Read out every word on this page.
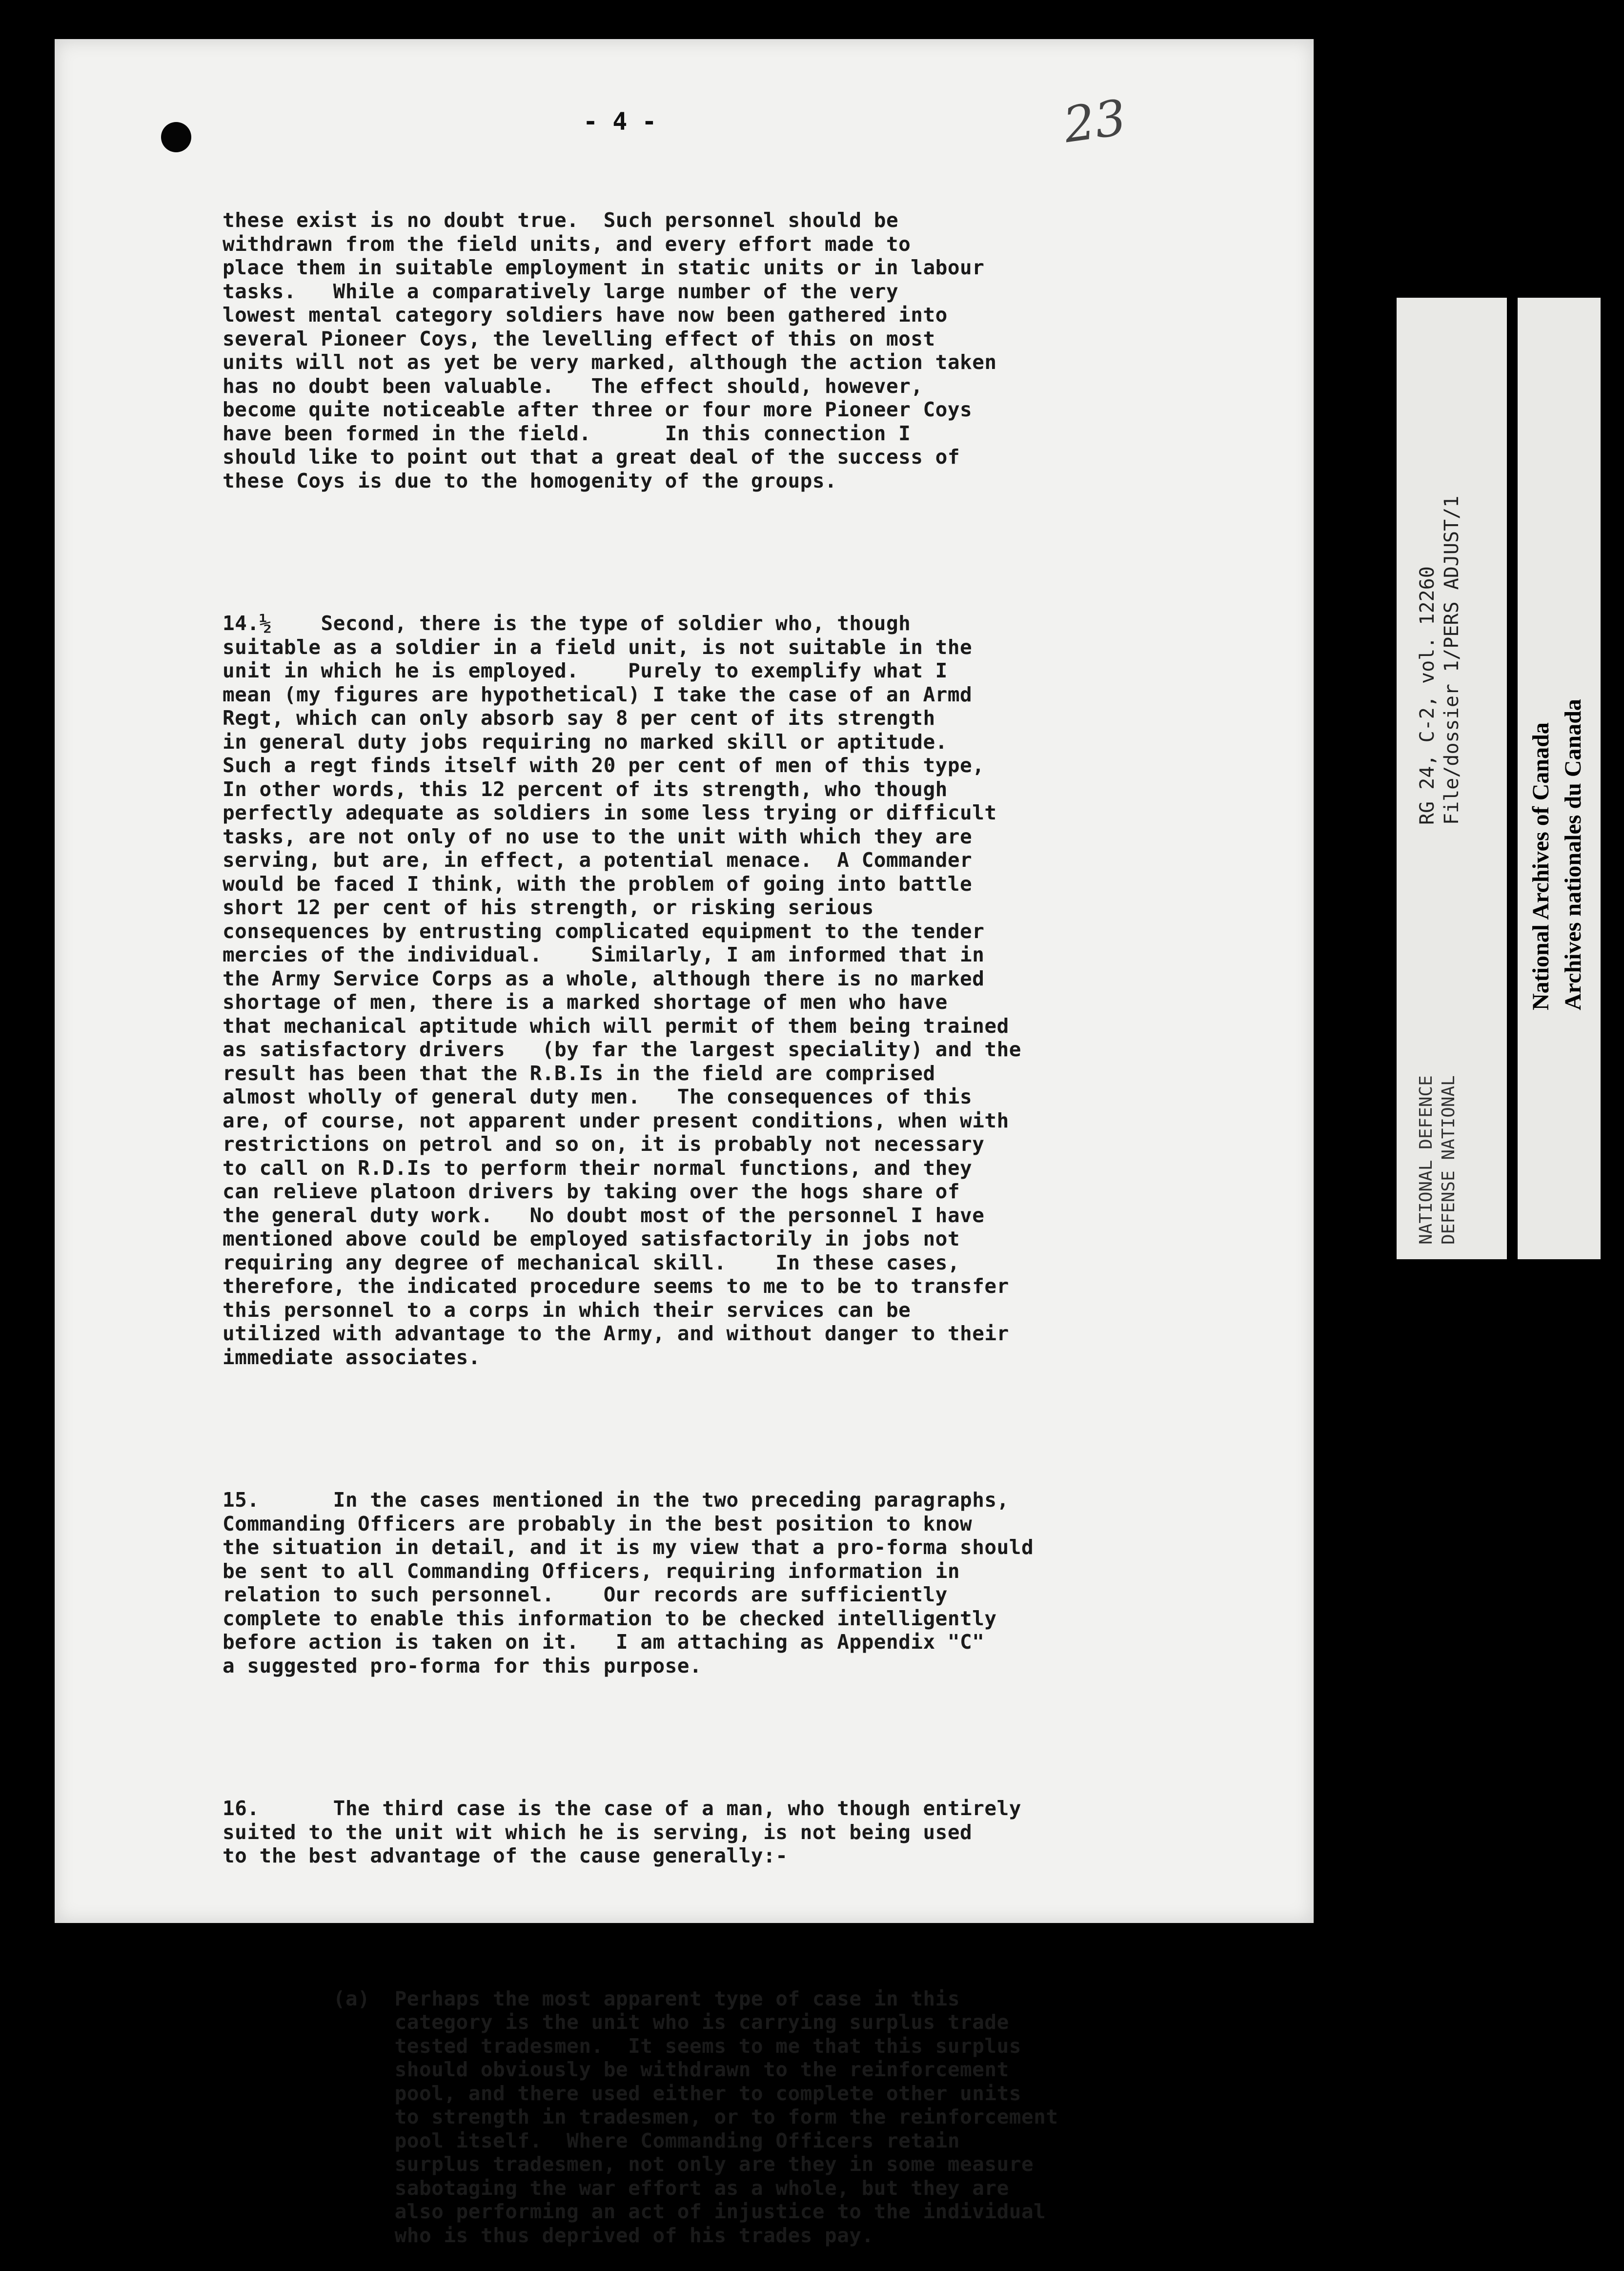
- 4 -	23

these exist is no doubt true.  Such personnel should be
withdrawn from the field units, and every effort made to
place them in suitable employment in static units or in labour
tasks.   While a comparatively large number of the very
lowest mental category soldiers have now been gathered into
several Pioneer Coys, the levelling effect of this on most
units will not as yet be very marked, although the action taken
has no doubt been valuable.   The effect should, however,
become quite noticeable after three or four more Pioneer Coys
have been formed in the field.      In this connection I
should like to point out that a great deal of the success of
these Coys is due to the homogenity of the groups.

14.½    Second, there is the type of soldier who, though
suitable as a soldier in a field unit, is not suitable in the
unit in which he is employed.    Purely to exemplify what I
mean (my figures are hypothetical) I take the case of an Armd
Regt, which can only absorb say 8 per cent of its strength
in general duty jobs requiring no marked skill or aptitude.
Such a regt finds itself with 20 per cent of men of this type,
In other words, this 12 percent of its strength, who though
perfectly adequate as soldiers in some less trying or difficult
tasks, are not only of no use to the unit with which they are
serving, but are, in effect, a potential menace.  A Commander
would be faced I think, with the problem of going into battle
short 12 per cent of his strength, or risking serious
consequences by entrusting complicated equipment to the tender
mercies of the individual.    Similarly, I am informed that in
the Army Service Corps as a whole, although there is no marked
shortage of men, there is a marked shortage of men who have
that mechanical aptitude which will permit of them being trained
as satisfactory drivers   (by far the largest speciality) and the
result has been that the R.B.Is in the field are comprised
almost wholly of general duty men.   The consequences of this
are, of course, not apparent under present conditions, when with
restrictions on petrol and so on, it is probably not necessary
to call on R.D.Is to perform their normal functions, and they
can relieve platoon drivers by taking over the hogs share of
the general duty work.   No doubt most of the personnel I have
mentioned above could be employed satisfactorily in jobs not
requiring any degree of mechanical skill.    In these cases,
therefore, the indicated procedure seems to me to be to transfer
this personnel to a corps in which their services can be
utilized with advantage to the Army, and without danger to their
immediate associates.

15.      In the cases mentioned in the two preceding paragraphs,
Commanding Officers are probably in the best position to know
the situation in detail, and it is my view that a pro-forma should
be sent to all Commanding Officers, requiring information in
relation to such personnel.    Our records are sufficiently
complete to enable this information to be checked intelligently
before action is taken on it.   I am attaching as Appendix "C"
a suggested pro-forma for this purpose.

16.      The third case is the case of a man, who though entirely
suited to the unit wit which he is serving, is not being used
to the best advantage of the cause generally:-

(a)  Perhaps the most apparent type of case in this
category is the unit who is carrying surplus trade
tested tradesmen.  It seems to me that this surplus
should obviously be withdrawn to the reinforcement
pool, and there used either to complete other units
to strength in tradesmen, or to form the reinforcement
pool itself.  Where Commanding Officers retain
surplus tradesmen, not only are they in some measure
sabotaging the war effort as a whole, but they are
also performing an act of injustice to the individual
who is thus deprived of his trades pay.

RG 24, C-2, vol. 12260 File/dossier 1/PERS ADJUST/1
NATIONAL DEFENCE DEFENSE NATIONAL
National Archives of Canada Archives nationales du Canada
